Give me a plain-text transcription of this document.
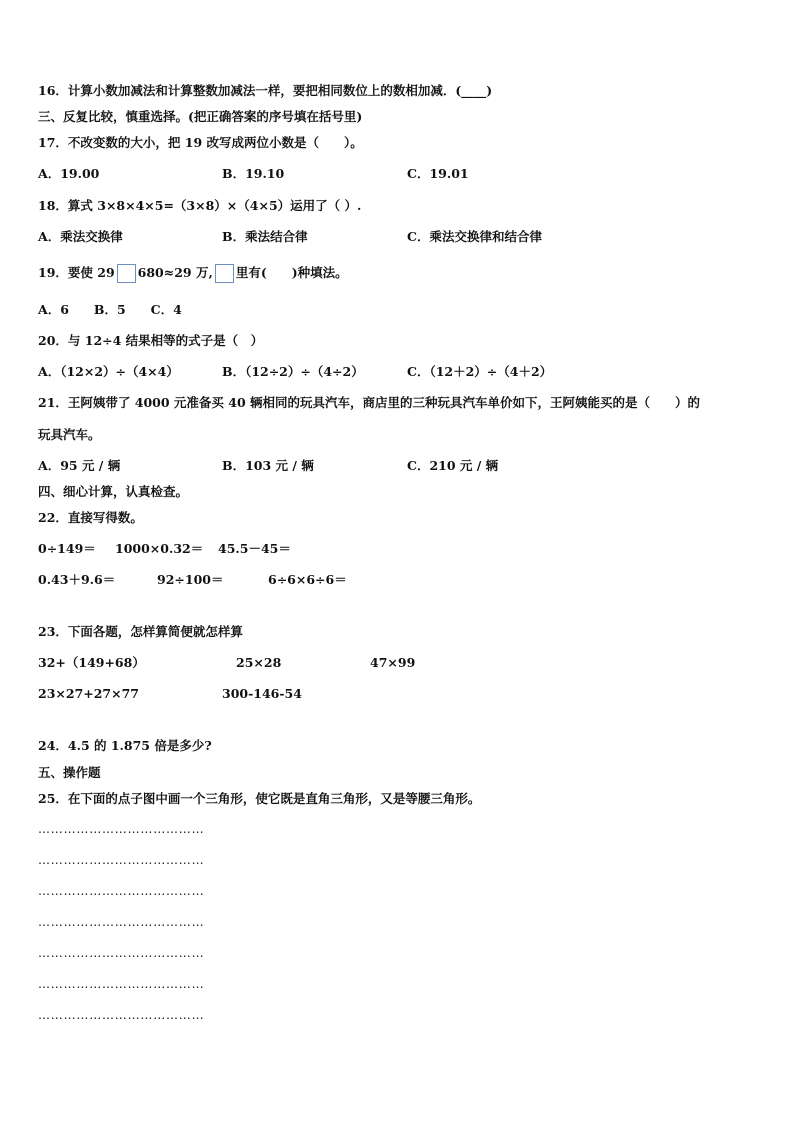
16．计算小数加减法和计算整数加减法一样，要把相同数位上的数相加减．(____)
三、反复比较，慎重选择。(把正确答案的序号填在括号里)
17．不改变数的大小，把 19 改写成两位小数是（　　）。
A．19.00	B．19.10	C．19.01
18．算式 3×8×4×5=（3×8）×（4×5）运用了（ ）.
A．乘法交换律	B．乘法结合律	C．乘法交换律和结合律
19．要使 29 680≈29 万, 里有(　　)种填法。
A．6　　B．5　　C．4
20．与 12÷4 结果相等的式子是（　）
A．（12×2）÷（4×4）	B．（12÷2）÷（4÷2）	C．（12＋2）÷（4＋2）
21．王阿姨带了 4000 元准备买 40 辆相同的玩具汽车，商店里的三种玩具汽车单价如下，王阿姨能买的是（　　）的
玩具汽车。
A．95 元 / 辆	B．103 元 / 辆	C．210 元 / 辆
四、细心计算，认真检查。
22．直接写得数。
0÷149＝ 1000×0.32＝ 45.5－45＝
0.43＋9.6＝	92÷100＝	6÷6×6÷6＝
23．下面各题，怎样算简便就怎样算
32+（149+68）	25×28	47×99
23×27+27×77	300-146-54
24．4.5 的 1.875 倍是多少?
五、操作题
25．在下面的点子图中画一个三角形，使它既是直角三角形，又是等腰三角形。
…………………………………
…………………………………
…………………………………
…………………………………
…………………………………
…………………………………
…………………………………
